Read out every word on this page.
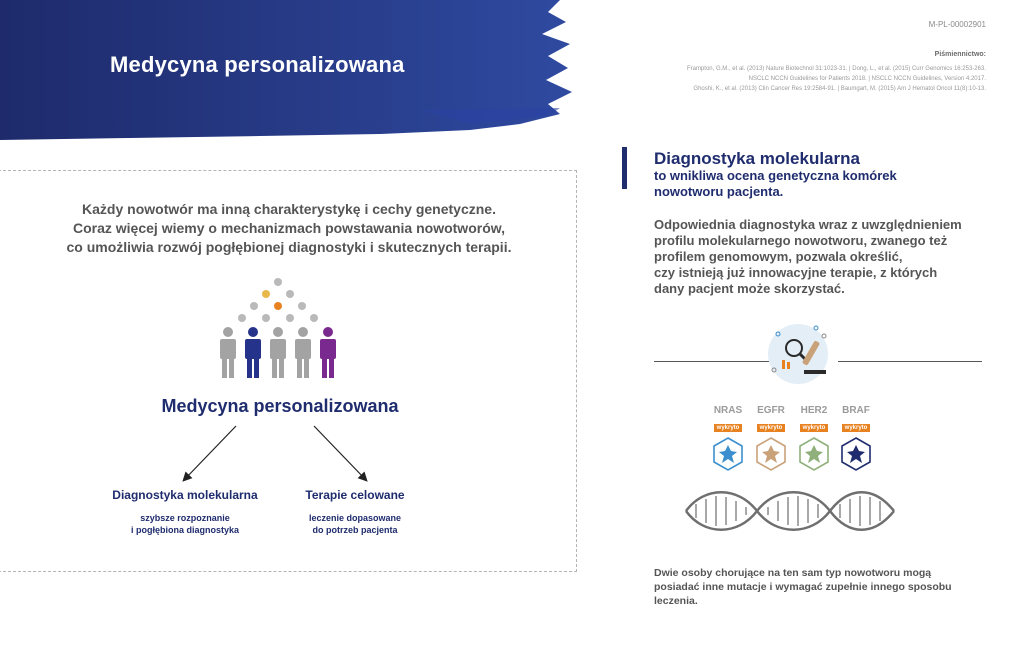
Medycyna personalizowana
M-PL-00002901
Piśmiennictwo:
Frampton, G.M., et al. (2013) Nature Biotechnol 31:1023-31. | Dong, L., et al. (2015) Curr Genomics 16:253-263.
NSCLC NCCN Guidelines for Patients 2018. | NSCLC NCCN Guidelines, Version 4.2017.
Ghoshi, K., et al. (2013) Clin Cancer Res 19:2584-91. | Baumgart, M. (2015) Am J Hematol Oncol 11(8):10-13.
Każdy nowotwór ma inną charakterystykę i cechy genetyczne.
Coraz więcej wiemy o mechanizmach powstawania nowotworów,
co umożliwia rozwój pogłębionej diagnostyki i skutecznych terapii.
Medycyna personalizowana
Diagnostyka molekularna
szybsze rozpoznanie
i pogłębiona diagnostyka
Terapie celowane
leczenie dopasowane
do potrzeb pacjenta
Diagnostyka molekularna
to wnikliwa ocena genetyczna komórek
nowotworu pacjenta.
Odpowiednia diagnostyka wraz z uwzględnieniem
profilu molekularnego nowotworu, zwanego też
profilem genomowym, pozwala określić,
czy istnieją już innowacyjne terapie, z których
dany pacjent może skorzystać.
NRAS
wykryto
EGFR
wykryto
HER2
wykryto
BRAF
wykryto
Dwie osoby chorujące na ten sam typ nowotworu mogą
posiadać inne mutacje i wymagać zupełnie innego sposobu
leczenia.
